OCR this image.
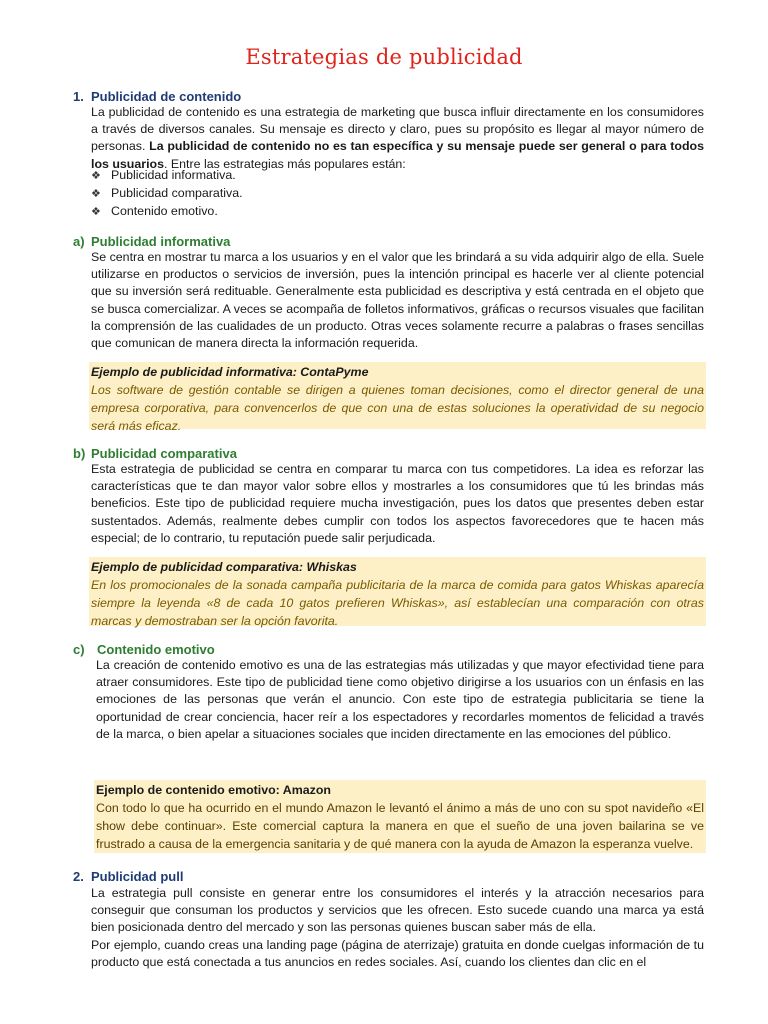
Estrategias de publicidad
1. Publicidad de contenido

La publicidad de contenido es una estrategia de marketing que busca influir directamente en los consumidores a través de diversos canales. Su mensaje es directo y claro, pues su propósito es llegar al mayor número de personas. La publicidad de contenido no es tan específica y su mensaje puede ser general o para todos los usuarios. Entre las estrategias más populares están:

❖ Publicidad informativa.
❖ Publicidad comparativa.
❖ Contenido emotivo.
a) Publicidad informativa

Se centra en mostrar tu marca a los usuarios y en el valor que les brindará a su vida adquirir algo de ella. Suele utilizarse en productos o servicios de inversión, pues la intención principal es hacerle ver al cliente potencial que su inversión será redituable. Generalmente esta publicidad es descriptiva y está centrada en el objeto que se busca comercializar. A veces se acompaña de folletos informativos, gráficas o recursos visuales que facilitan la comprensión de las cualidades de un producto. Otras veces solamente recurre a palabras o frases sencillas que comunican de manera directa la información requerida.

Ejemplo de publicidad informativa: ContaPyme
Los software de gestión contable se dirigen a quienes toman decisiones, como el director general de una empresa corporativa, para convencerlos de que con una de estas soluciones la operatividad de su negocio será más eficaz.
b) Publicidad comparativa

Esta estrategia de publicidad se centra en comparar tu marca con tus competidores. La idea es reforzar las características que te dan mayor valor sobre ellos y mostrarles a los consumidores que tú les brindas más beneficios. Este tipo de publicidad requiere mucha investigación, pues los datos que presentes deben estar sustentados. Además, realmente debes cumplir con todos los aspectos favorecedores que te hacen más especial; de lo contrario, tu reputación puede salir perjudicada.

Ejemplo de publicidad comparativa: Whiskas
En los promocionales de la sonada campaña publicitaria de la marca de comida para gatos Whiskas aparecía siempre la leyenda «8 de cada 10 gatos prefieren Whiskas», así establecían una comparación con otras marcas y demostraban ser la opción favorita.
c) Contenido emotivo

La creación de contenido emotivo es una de las estrategias más utilizadas y que mayor efectividad tiene para atraer consumidores. Este tipo de publicidad tiene como objetivo dirigirse a los usuarios con un énfasis en las emociones de las personas que verán el anuncio. Con este tipo de estrategia publicitaria se tiene la oportunidad de crear conciencia, hacer reír a los espectadores y recordarles momentos de felicidad a través de la marca, o bien apelar a situaciones sociales que inciden directamente en las emociones del público.

Ejemplo de contenido emotivo: Amazon
Con todo lo que ha ocurrido en el mundo Amazon le levantó el ánimo a más de uno con su spot navideño «El show debe continuar». Este comercial captura la manera en que el sueño de una joven bailarina se ve frustrado a causa de la emergencia sanitaria y de qué manera con la ayuda de Amazon la esperanza vuelve.
2. Publicidad pull

La estrategia pull consiste en generar entre los consumidores el interés y la atracción necesarios para conseguir que consuman los productos y servicios que les ofrecen. Esto sucede cuando una marca ya está bien posicionada dentro del mercado y son las personas quienes buscan saber más de ella.

Por ejemplo, cuando creas una landing page (página de aterrizaje) gratuita en donde cuelgas información de tu producto que está conectada a tus anuncios en redes sociales. Así, cuando los clientes dan clic en el
